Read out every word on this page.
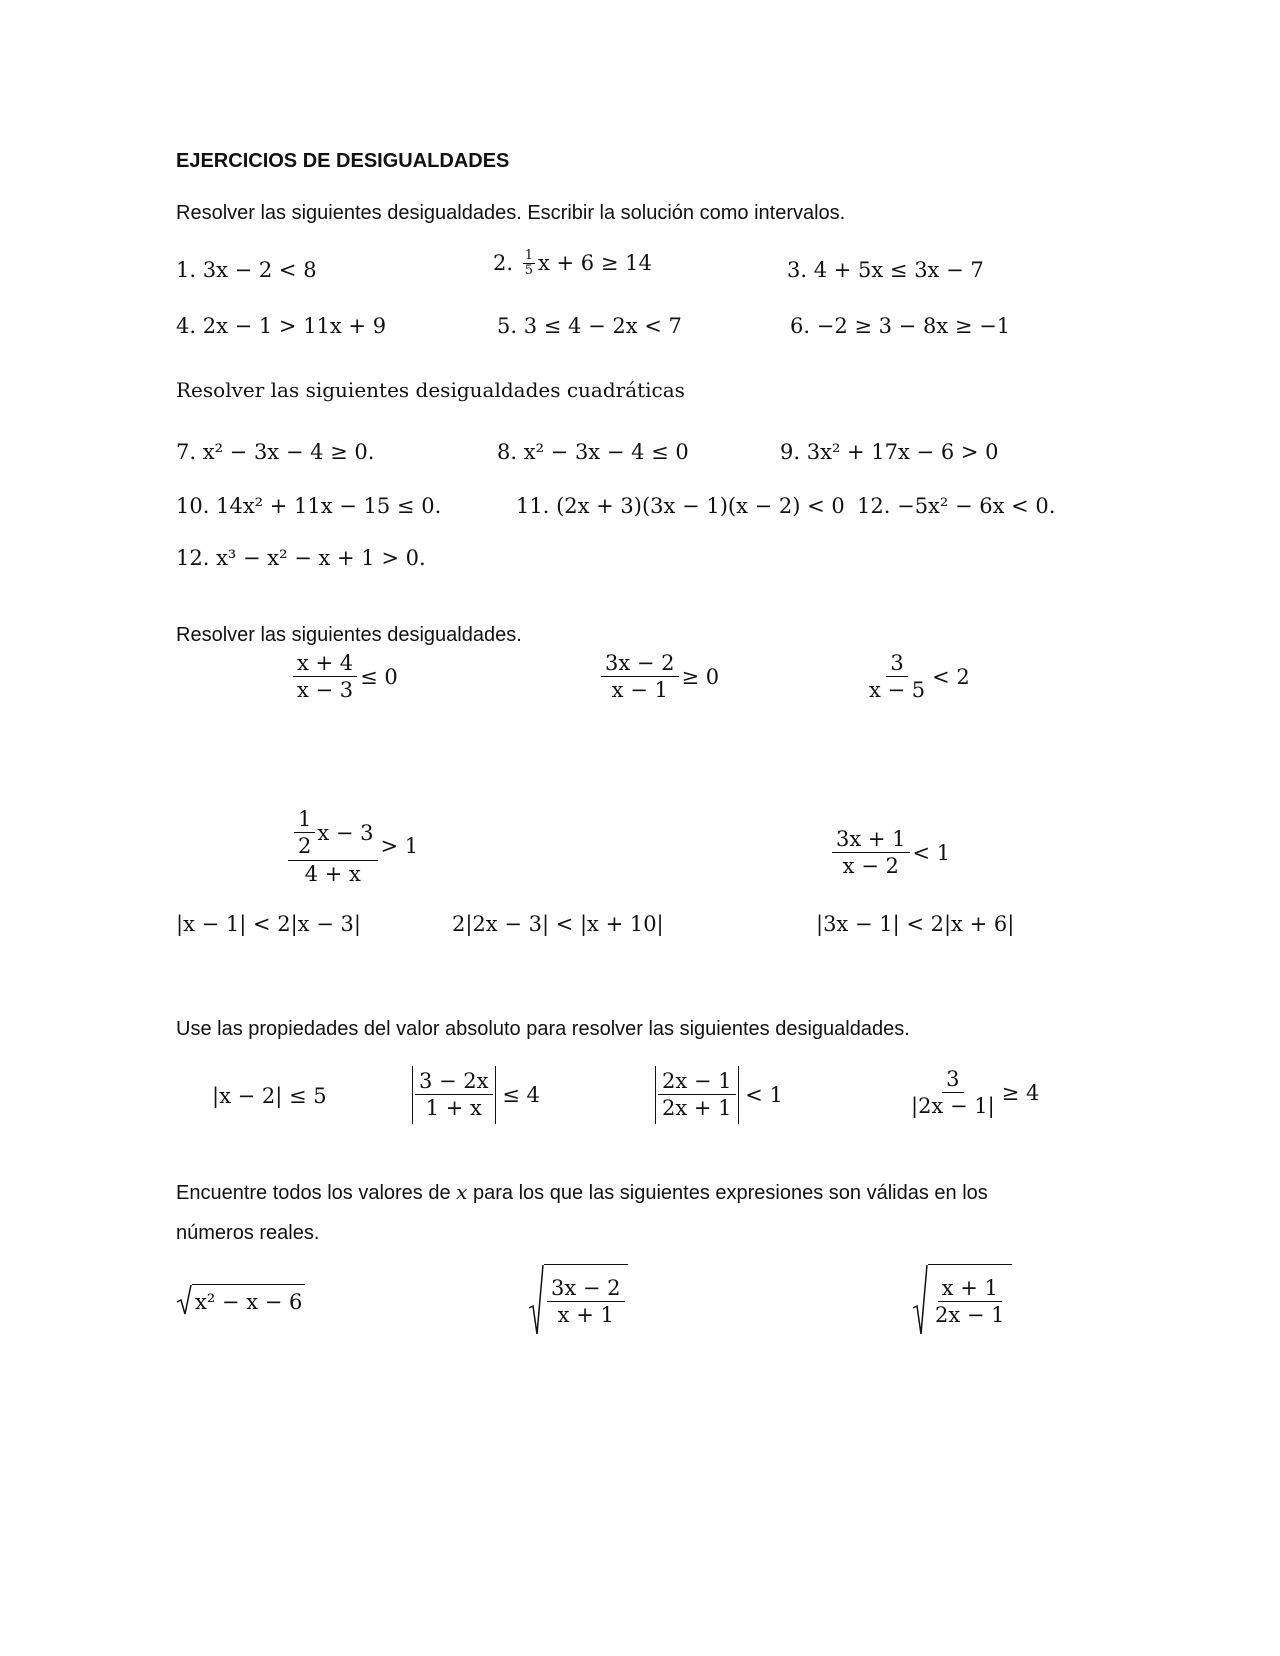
EJERCICIOS DE DESIGUALDADES
Resolver las siguientes desigualdades. Escribir la solución como intervalos.
1. 3x − 2 < 8	2. $\frac{1}{5}$ x + 6 ≥ 14	3. 4 + 5x ≤ 3x − 7
4. 2x − 1 > 11x + 9	5. 3 ≤ 4 − 2x < 7	6. −2 ≥ 3 − 8x ≥ −1
Resolver las siguientes desigualdades cuadráticas
7. x² − 3x − 4 ≥ 0.	8. x² − 3x − 4 ≤ 0	9. 3x² + 17x − 6 > 0
10. 14x² + 11x − 15 ≤ 0.	11. (2x + 3)(3x − 1)(x − 2) < 0 12. −5x² − 6x < 0.
12. x³ − x² − x + 1 > 0.
Resolver las siguientes desigualdades.
$\frac{x + 4}{x - 3} \le 0$	$\frac{3x - 2}{x - 1} \ge 0$	$\frac{3}{x - 5} < 2$
$\frac{\frac{1}{2} x - 3}{4 + x} > 1$	$\frac{3x + 1}{x - 2} < 1$
|x − 1| < 2|x − 3|	2|2x − 3| < |x + 10|	|3x − 1| < 2|x + 6|
Use las propiedades del valor absoluto para resolver las siguientes desigualdades.
|x − 2| ≤ 5	$\frac{3 - 2x}{1 + x} \le 4$	$\frac{2x - 1}{2x + 1} < 1$	$\frac{3}{|2x - 1|} \ge 4$
Encuentre todos los valores de x para los que las siguientes expresiones son válidas en los
números reales.
x² − x − 6	$\frac{3x - 2}{x + 1}$	$\frac{x + 1}{2x - 1}$
